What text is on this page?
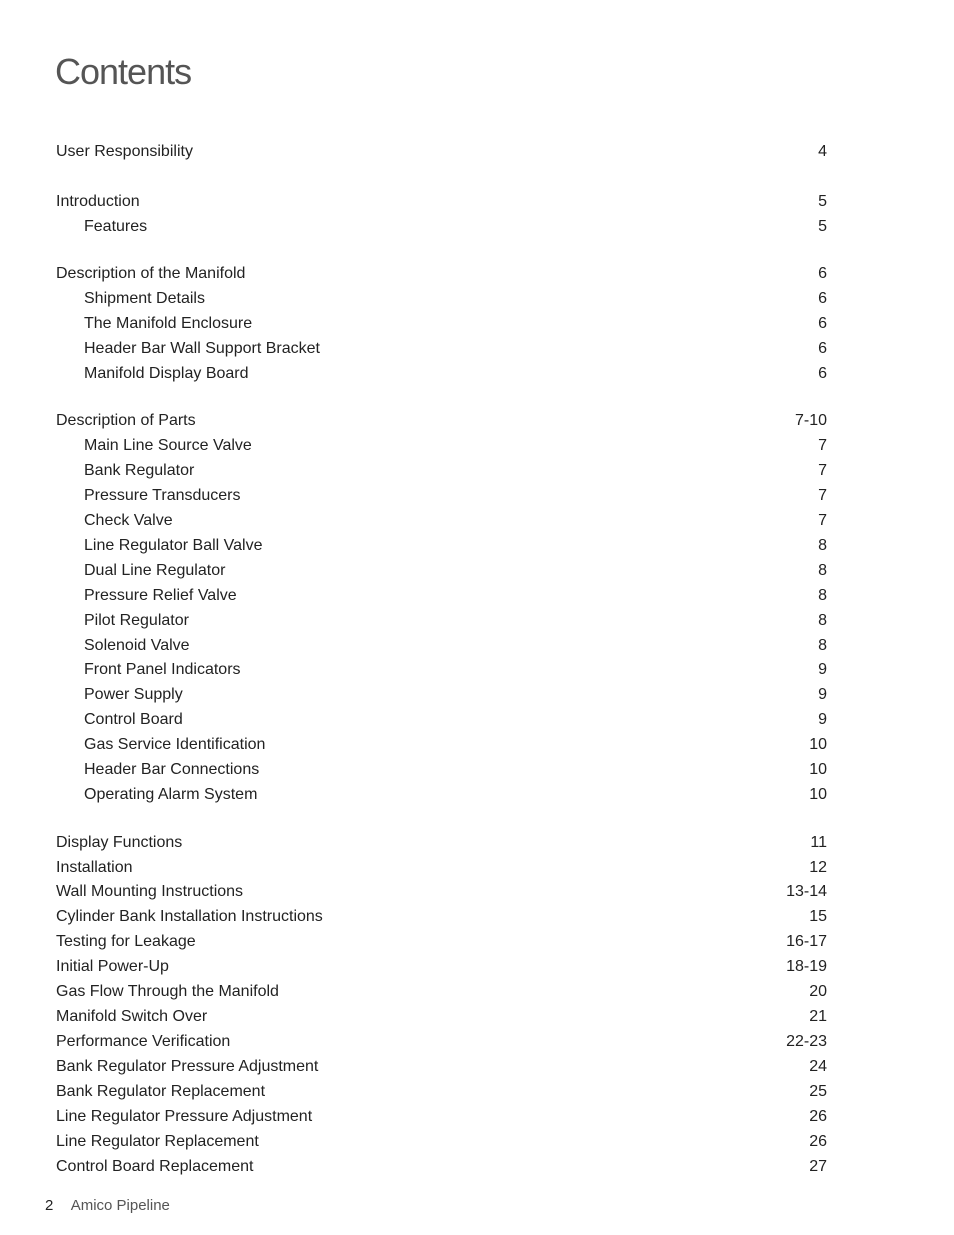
Contents
User Responsibility	4
Introduction	5
Features	5
Description of the Manifold	6
Shipment Details	6
The Manifold Enclosure	6
Header Bar Wall Support Bracket	6
Manifold Display Board	6
Description of Parts	7-10
Main Line Source Valve	7
Bank Regulator	7
Pressure Transducers	7
Check Valve	7
Line Regulator Ball Valve	8
Dual Line Regulator	8
Pressure Relief Valve	8
Pilot Regulator	8
Solenoid Valve	8
Front Panel Indicators	9
Power Supply	9
Control Board	9
Gas Service Identification	10
Header Bar Connections	10
Operating Alarm System	10
Display Functions	11
Installation	12
Wall Mounting Instructions	13-14
Cylinder Bank Installation Instructions	15
Testing for Leakage	16-17
Initial Power-Up	18-19
Gas Flow Through the Manifold	20
Manifold Switch Over	21
Performance Verification	22-23
Bank Regulator Pressure Adjustment	24
Bank Regulator Replacement	25
Line Regulator Pressure Adjustment	26
Line Regulator Replacement	26
Control Board Replacement	27
2 Amico Pipeline
